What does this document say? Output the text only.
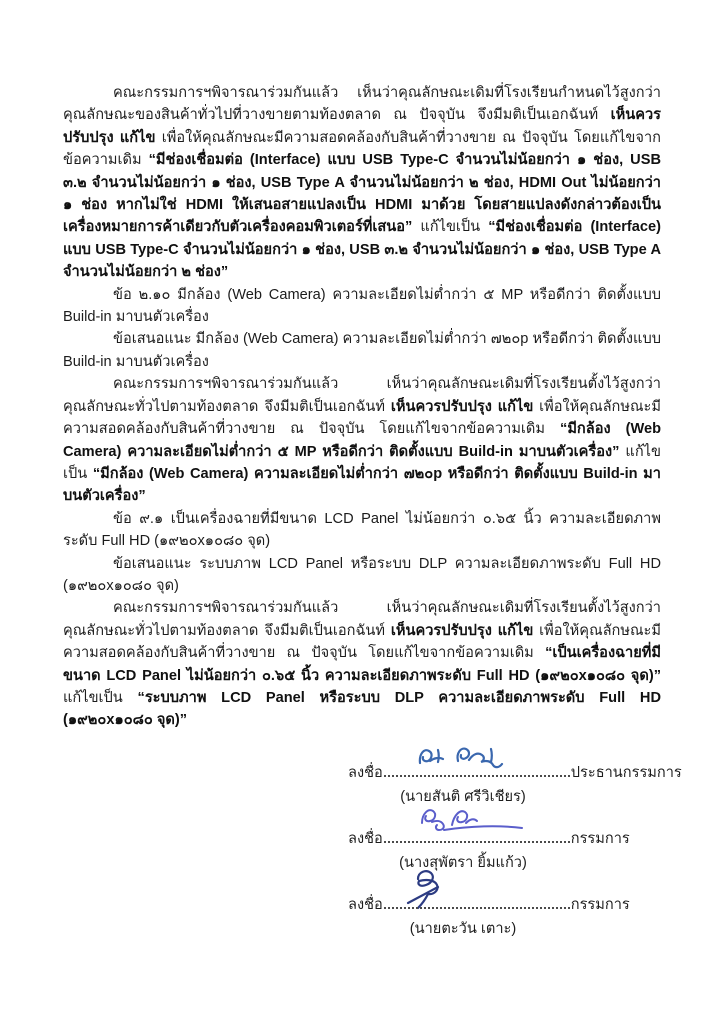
คณะกรรมการฯพิจารณาร่วมกันแล้ว เห็นว่าคุณลักษณะเดิมที่โรงเรียนกำหนดไว้สูงกว่าคุณลักษณะของสินค้าทั่วไปที่วางขายตามท้องตลาด ณ ปัจจุบัน จึงมีมติเป็นเอกฉันท์ เห็นควรปรับปรุง แก้ไข เพื่อให้คุณลักษณะมีความสอดคล้องกับสินค้าที่วางขาย ณ ปัจจุบัน โดยแก้ไขจากข้อความเดิม “มีช่องเชื่อมต่อ (Interface) แบบ USB Type-C จำนวนไม่น้อยกว่า ๑ ช่อง, USB ๓.๒ จำนวนไม่น้อยกว่า ๑ ช่อง, USB Type A จำนวนไม่น้อยกว่า ๒ ช่อง, HDMI Out ไม่น้อยกว่า ๑ ช่อง หากไม่ใช่ HDMI ให้เสนอสายแปลงเป็น HDMI มาด้วย โดยสายแปลงดังกล่าวต้องเป็นเครื่องหมายการค้าเดียวกับตัวเครื่องคอมพิวเตอร์ที่เสนอ” แก้ไขเป็น “มีช่องเชื่อมต่อ (Interface) แบบ USB Type-C จำนวนไม่น้อยกว่า ๑ ช่อง, USB ๓.๒ จำนวนไม่น้อยกว่า ๑ ช่อง, USB Type A จำนวนไม่น้อยกว่า ๒ ช่อง”

ข้อ ๒.๑๐ มีกล้อง (Web Camera) ความละเอียดไม่ต่ำกว่า ๕ MP หรือดีกว่า ติดตั้งแบบ Build-in มาบนตัวเครื่อง

ข้อเสนอแนะ มีกล้อง (Web Camera) ความละเอียดไม่ต่ำกว่า ๗๒๐p หรือดีกว่า ติดตั้งแบบ Build-in มาบนตัวเครื่อง

คณะกรรมการฯพิจารณาร่วมกันแล้ว เห็นว่าคุณลักษณะเดิมที่โรงเรียนตั้งไว้สูงกว่าคุณลักษณะทั่วไปตามท้องตลาด จึงมีมติเป็นเอกฉันท์ เห็นควรปรับปรุง แก้ไข เพื่อให้คุณลักษณะมีความสอดคล้องกับสินค้าที่วางขาย ณ ปัจจุบัน โดยแก้ไขจากข้อความเดิม “มีกล้อง (Web Camera) ความละเอียดไม่ต่ำกว่า ๕ MP หรือดีกว่า ติดตั้งแบบ Build-in มาบนตัวเครื่อง” แก้ไขเป็น “มีกล้อง (Web Camera) ความละเอียดไม่ต่ำกว่า ๗๒๐p หรือดีกว่า ติดตั้งแบบ Build-in มาบนตัวเครื่อง”

ข้อ ๙.๑ เป็นเครื่องฉายที่มีขนาด LCD Panel ไม่น้อยกว่า ๐.๖๕ นิ้ว ความละเอียดภาพระดับ Full HD (๑๙๒๐x๑๐๘๐ จุด)

ข้อเสนอแนะ ระบบภาพ LCD Panel หรือระบบ DLP ความละเอียดภาพระดับ Full HD (๑๙๒๐x๑๐๘๐ จุด)

คณะกรรมการฯพิจารณาร่วมกันแล้ว เห็นว่าคุณลักษณะเดิมที่โรงเรียนตั้งไว้สูงกว่าคุณลักษณะทั่วไปตามท้องตลาด จึงมีมติเป็นเอกฉันท์ เห็นควรปรับปรุง แก้ไข เพื่อให้คุณลักษณะมีความสอดคล้องกับสินค้าที่วางขาย ณ ปัจจุบัน โดยแก้ไขจากข้อความเดิม “เป็นเครื่องฉายที่มีขนาด LCD Panel ไม่น้อยกว่า ๐.๖๕ นิ้ว ความละเอียดภาพระดับ Full HD (๑๙๒๐x๑๐๘๐ จุด)” แก้ไขเป็น “ระบบภาพ LCD Panel หรือระบบ DLP ความละเอียดภาพระดับ Full HD (๑๙๒๐x๑๐๘๐ จุด)”

ลงชื่อ	ประธานกรรมการ
(นายสันติ ศรีวิเชียร)
ลงชื่อ	กรรมการ
(นางสุพัตรา ยิ้มแก้ว)
ลงชื่อ	กรรมการ
(นายตะวัน เตาะ)
